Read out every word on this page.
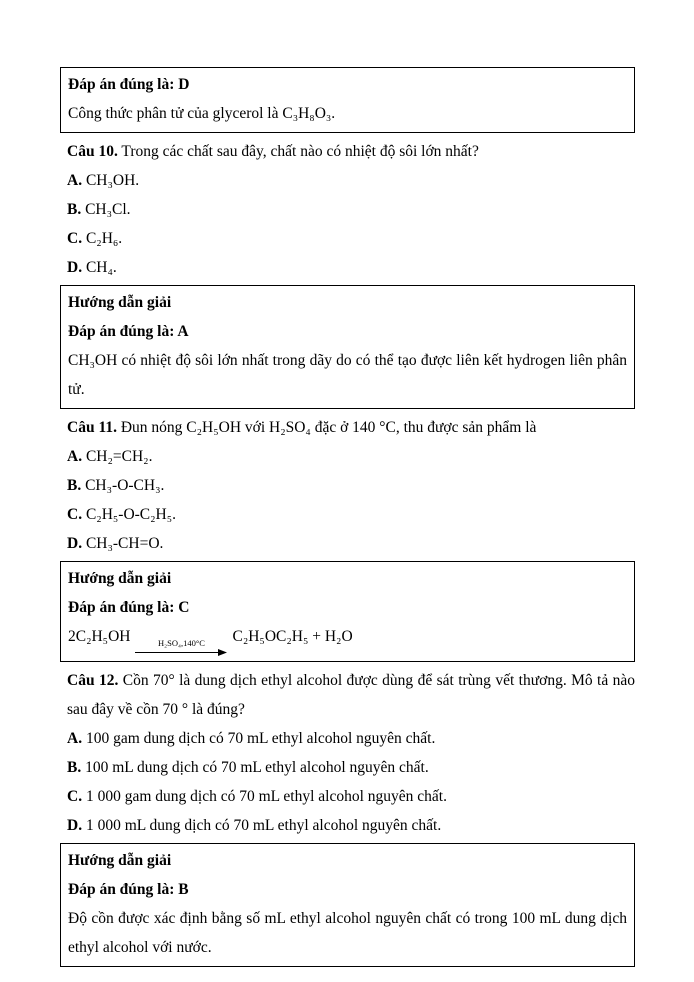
Đáp án đúng là: D

Công thức phân tử của glycerol là C₃H₈O₃.

Câu 10. Trong các chất sau đây, chất nào có nhiệt độ sôi lớn nhất?

A. CH₃OH.

B. CH₃Cl.

C. C₂H₆.

D. CH₄.

Hướng dẫn giải

Đáp án đúng là: A

CH₃OH có nhiệt độ sôi lớn nhất trong dãy do có thể tạo được liên kết hydrogen liên phân tử.

Câu 11. Đun nóng C₂H₅OH với H₂SO₄ đặc ở 140 °C, thu được sản phẩm là

A. CH₂=CH₂.

B. CH₃-O-CH₃.

C. C₂H₅-O-C₂H₅.

D. CH₃-CH=O.

Hướng dẫn giải

Đáp án đúng là: C

2C₂H₅OH	H₂SO₄,140°C C₂H₅OC₂H₅ + H₂O

Câu 12. Cồn 70° là dung dịch ethyl alcohol được dùng để sát trùng vết thương. Mô tả nào sau đây về cồn 70 ° là đúng?

A. 100 gam dung dịch có 70 mL ethyl alcohol nguyên chất.

B. 100 mL dung dịch có 70 mL ethyl alcohol nguyên chất.

C. 1 000 gam dung dịch có 70 mL ethyl alcohol nguyên chất.

D. 1 000 mL dung dịch có 70 mL ethyl alcohol nguyên chất.

Hướng dẫn giải

Đáp án đúng là: B

Độ cồn được xác định bằng số mL ethyl alcohol nguyên chất có trong 100 mL dung dịch ethyl alcohol với nước.
